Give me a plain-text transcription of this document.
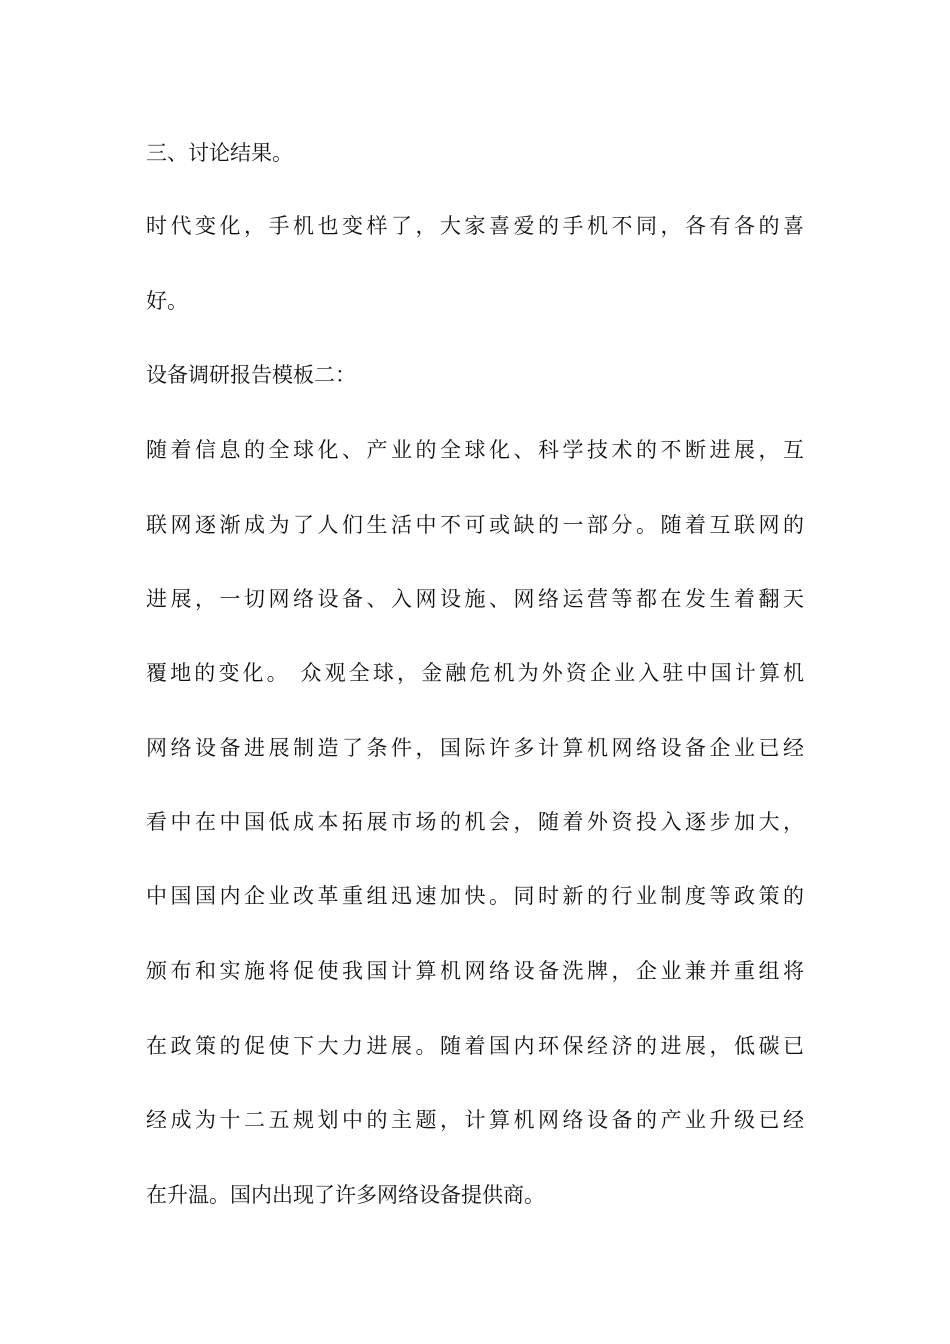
三、讨论结果。
时代变化，手机也变样了，大家喜爱的手机不同，各有各的喜
好。
设备调研报告模板二：
随着信息的全球化、产业的全球化、科学技术的不断进展，互
联网逐渐成为了人们生活中不可或缺的一部分。随着互联网的
进展，一切网络设备、入网设施、网络运营等都在发生着翻天
覆地的变化。 众观全球，金融危机为外资企业入驻中国计算机
网络设备进展制造了条件，国际许多计算机网络设备企业已经
看中在中国低成本拓展市场的机会，随着外资投入逐步加大，
中国国内企业改革重组迅速加快。同时新的行业制度等政策的
颁布和实施将促使我国计算机网络设备洗牌，企业兼并重组将
在政策的促使下大力进展。随着国内环保经济的进展，低碳已
经成为十二五规划中的主题，计算机网络设备的产业升级已经
在升温。国内出现了许多网络设备提供商。
